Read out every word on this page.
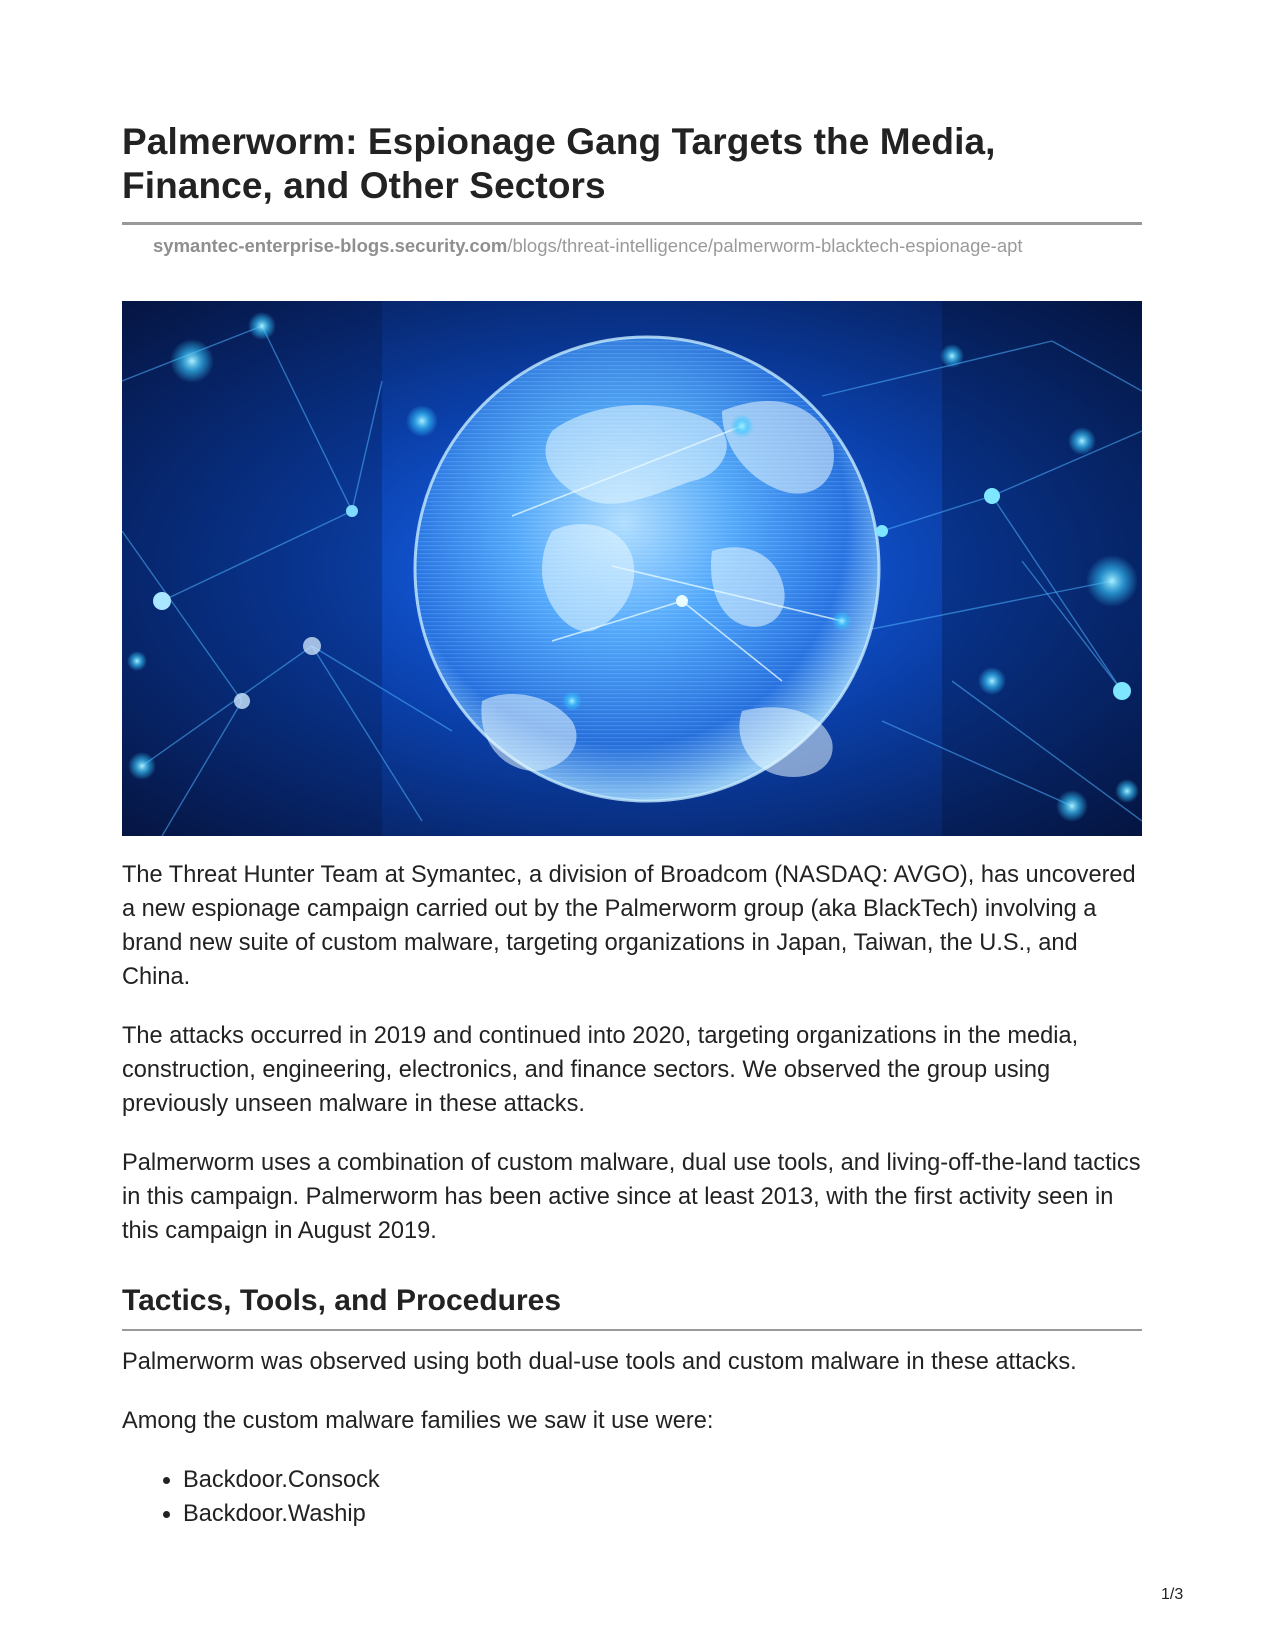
Palmerworm: Espionage Gang Targets the Media,
Finance, and Other Sectors
symantec-enterprise-blogs.security.com/blogs/threat-intelligence/palmerworm-blacktech-espionage-apt

The Threat Hunter Team at Symantec, a division of Broadcom (NASDAQ: AVGO), has uncovered a new espionage campaign carried out by the Palmerworm group (aka BlackTech) involving a brand new suite of custom malware, targeting organizations in Japan, Taiwan, the U.S., and China.

The attacks occurred in 2019 and continued into 2020, targeting organizations in the media, construction, engineering, electronics, and finance sectors. We observed the group using previously unseen malware in these attacks.

Palmerworm uses a combination of custom malware, dual use tools, and living-off-the-land tactics in this campaign. Palmerworm has been active since at least 2013, with the first activity seen in this campaign in August 2019.

Tactics, Tools, and Procedures

Palmerworm was observed using both dual-use tools and custom malware in these attacks.

Among the custom malware families we saw it use were:

• Backdoor.Consock
• Backdoor.Waship
1/3
